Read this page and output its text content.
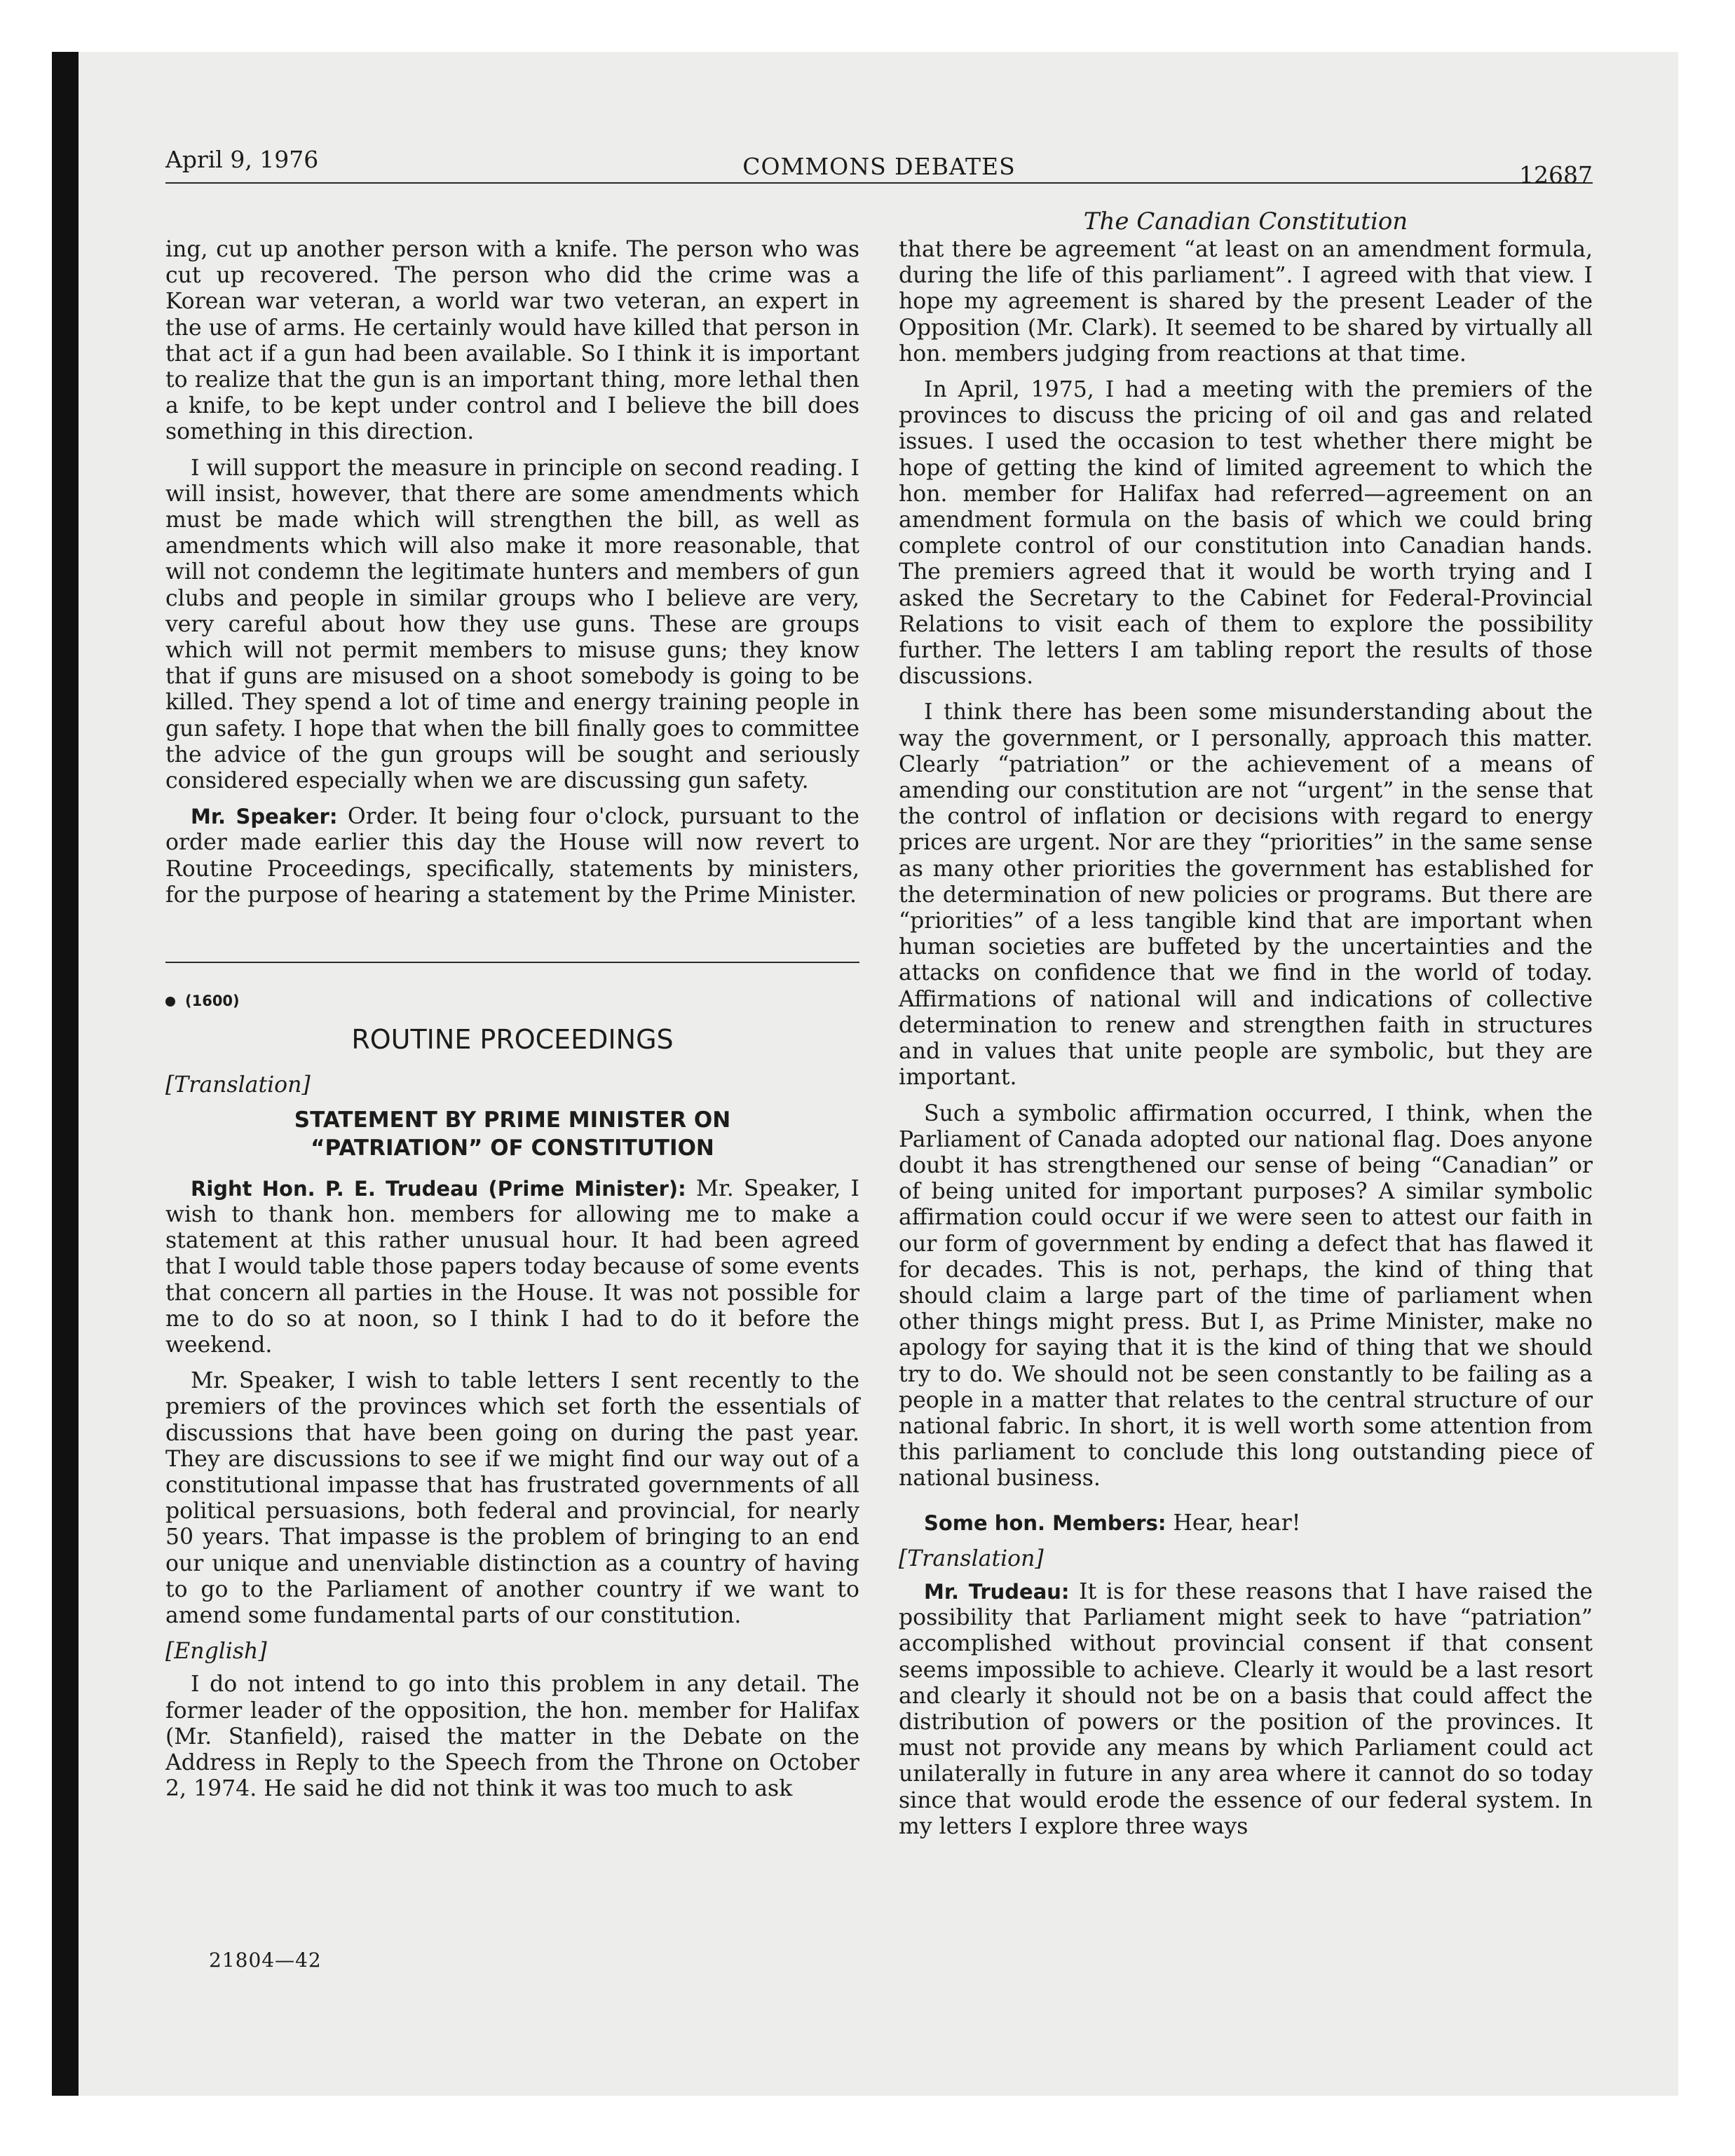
April 9, 1976	COMMONS DEBATES	12687
The Canadian Constitution

ing, cut up another person with a knife. The person who was cut up recovered. The person who did the crime was a Korean war veteran, a world war two veteran, an expert in the use of arms. He certainly would have killed that person in that act if a gun had been available. So I think it is important to realize that the gun is an important thing, more lethal then a knife, to be kept under control and I believe the bill does something in this direction.

I will support the measure in principle on second reading. I will insist, however, that there are some amendments which must be made which will strengthen the bill, as well as amendments which will also make it more reasonable, that will not condemn the legitimate hunters and members of gun clubs and people in similar groups who I believe are very, very careful about how they use guns. These are groups which will not permit members to misuse guns; they know that if guns are misused on a shoot somebody is going to be killed. They spend a lot of time and energy training people in gun safety. I hope that when the bill finally goes to committee the advice of the gun groups will be sought and seriously considered especially when we are discussing gun safety.

Mr. Speaker: Order. It being four o'clock, pursuant to the order made earlier this day the House will now revert to Routine Proceedings, specifically, statements by ministers, for the purpose of hearing a statement by the Prime Minister.

(1600)
ROUTINE PROCEEDINGS
[Translation]
STATEMENT BY PRIME MINISTER ON
“PATRIATION” OF CONSTITUTION

Right Hon. P. E. Trudeau (Prime Minister): Mr. Speaker, I wish to thank hon. members for allowing me to make a statement at this rather unusual hour. It had been agreed that I would table those papers today because of some events that concern all parties in the House. It was not possible for me to do so at noon, so I think I had to do it before the weekend.

Mr. Speaker, I wish to table letters I sent recently to the premiers of the provinces which set forth the essentials of discussions that have been going on during the past year. They are discussions to see if we might find our way out of a constitutional impasse that has frustrated governments of all political persuasions, both federal and provincial, for nearly 50 years. That impasse is the problem of bringing to an end our unique and unenviable distinction as a country of having to go to the Parliament of another country if we want to amend some fundamental parts of our constitution.

[English]

I do not intend to go into this problem in any detail. The former leader of the opposition, the hon. member for Halifax (Mr. Stanfield), raised the matter in the Debate on the Address in Reply to the Speech from the Throne on October 2, 1974. He said he did not think it was too much to ask

that there be agreement “at least on an amendment formula, during the life of this parliament”. I agreed with that view. I hope my agreement is shared by the present Leader of the Opposition (Mr. Clark). It seemed to be shared by virtually all hon. members judging from reactions at that time.

In April, 1975, I had a meeting with the premiers of the provinces to discuss the pricing of oil and gas and related issues. I used the occasion to test whether there might be hope of getting the kind of limited agreement to which the hon. member for Halifax had referred—agreement on an amendment formula on the basis of which we could bring complete control of our constitution into Canadian hands. The premiers agreed that it would be worth trying and I asked the Secretary to the Cabinet for Federal-Provincial Relations to visit each of them to explore the possibility further. The letters I am tabling report the results of those discussions.

I think there has been some misunderstanding about the way the government, or I personally, approach this matter. Clearly “patriation” or the achievement of a means of amending our constitution are not “urgent” in the sense that the control of inflation or decisions with regard to energy prices are urgent. Nor are they “priorities” in the same sense as many other priorities the government has established for the determination of new policies or programs. But there are “priorities” of a less tangible kind that are important when human societies are buffeted by the uncertainties and the attacks on confidence that we find in the world of today. Affirmations of national will and indications of collective determination to renew and strengthen faith in structures and in values that unite people are symbolic, but they are important.

Such a symbolic affirmation occurred, I think, when the Parliament of Canada adopted our national flag. Does anyone doubt it has strengthened our sense of being “Canadian” or of being united for important purposes? A similar symbolic affirmation could occur if we were seen to attest our faith in our form of government by ending a defect that has flawed it for decades. This is not, perhaps, the kind of thing that should claim a large part of the time of parliament when other things might press. But I, as Prime Minister, make no apology for saying that it is the kind of thing that we should try to do. We should not be seen constantly to be failing as a people in a matter that relates to the central structure of our national fabric. In short, it is well worth some attention from this parliament to conclude this long outstanding piece of national business.

Some hon. Members: Hear, hear!

[Translation]

Mr. Trudeau: It is for these reasons that I have raised the possibility that Parliament might seek to have “patriation” accomplished without provincial consent if that consent seems impossible to achieve. Clearly it would be a last resort and clearly it should not be on a basis that could affect the distribution of powers or the position of the provinces. It must not provide any means by which Parliament could act unilaterally in future in any area where it cannot do so today since that would erode the essence of our federal system. In my letters I explore three ways

21804—42
